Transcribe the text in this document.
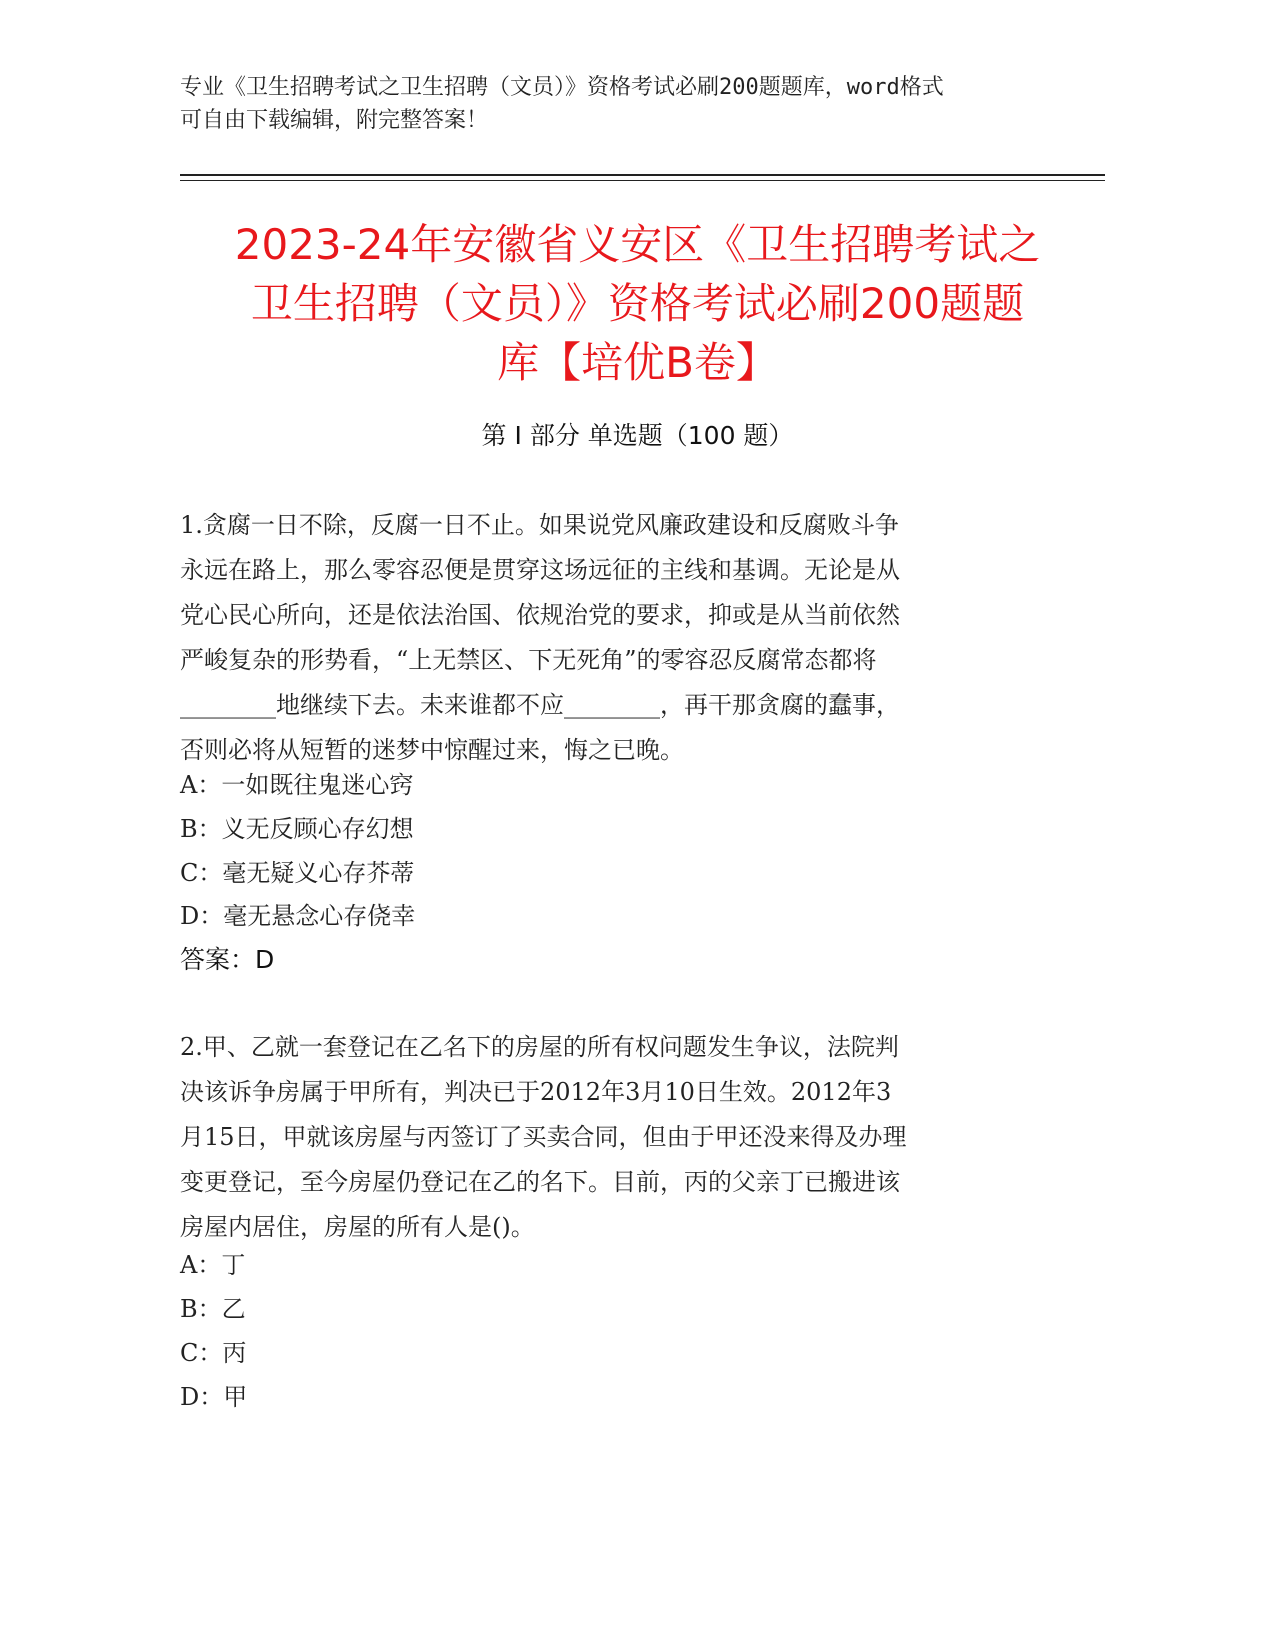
专业《卫生招聘考试之卫生招聘（文员）》资格考试必刷200题题库，word格式
可自由下载编辑，附完整答案！
2023-24年安徽省义安区《卫生招聘考试之
卫生招聘（文员）》资格考试必刷200题题
库【培优B卷】
第 I 部分 单选题（100 题）
1.贪腐一日不除，反腐一日不止。如果说党风廉政建设和反腐败斗争
永远在路上，那么零容忍便是贯穿这场远征的主线和基调。无论是从
党心民心所向，还是依法治国、依规治党的要求，抑或是从当前依然
严峻复杂的形势看，“上无禁区、下无死角”的零容忍反腐常态都将
________地继续下去。未来谁都不应________，再干那贪腐的蠢事，
否则必将从短暂的迷梦中惊醒过来，悔之已晚。
A：一如既往鬼迷心窍
B：义无反顾心存幻想
C：毫无疑义心存芥蒂
D：毫无悬念心存侥幸
答案：D
2.甲、乙就一套登记在乙名下的房屋的所有权问题发生争议，法院判
决该诉争房属于甲所有，判决已于2012年3月10日生效。2012年3
月15日，甲就该房屋与丙签订了买卖合同，但由于甲还没来得及办理
变更登记，至今房屋仍登记在乙的名下。目前，丙的父亲丁已搬进该
房屋内居住，房屋的所有人是()。
A：丁
B：乙
C：丙
D：甲
